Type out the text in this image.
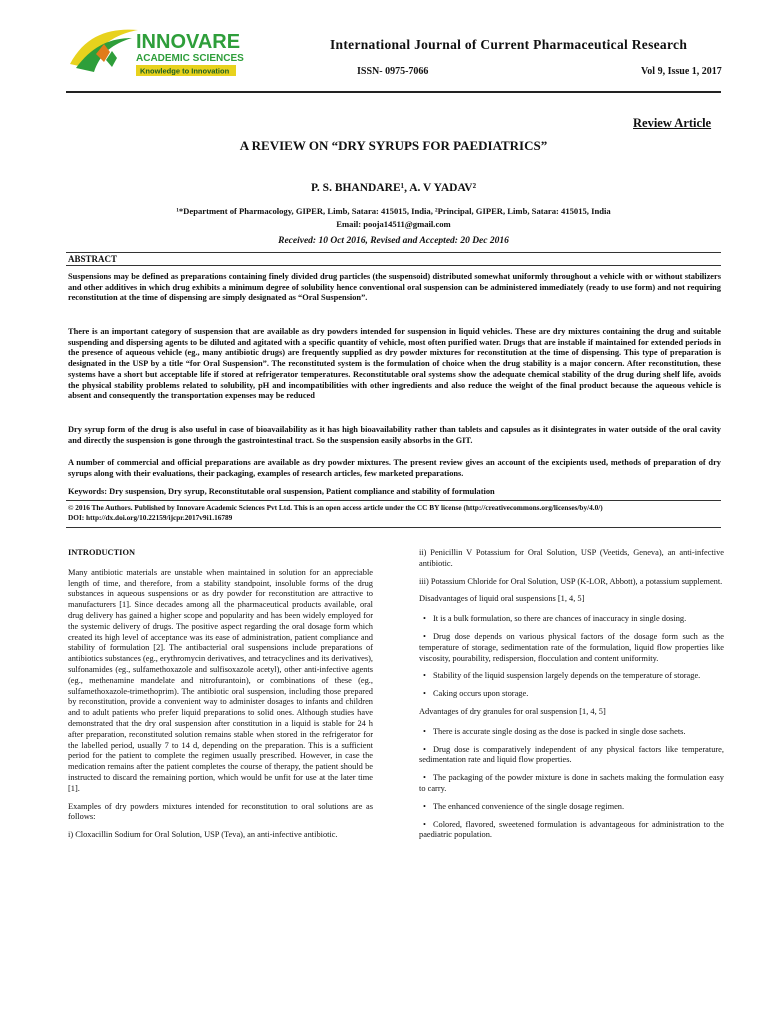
INNOVARE
ACADEMIC SCIENCES
Knowledge to Innovation
International Journal of Current Pharmaceutical Research
ISSN- 0975-7066	Vol 9, Issue 1, 2017
Review Article
A REVIEW ON “DRY SYRUPS FOR PAEDIATRICS”
P. S. BHANDARE¹, A. V YADAV²
¹*Department of Pharmacology, GIPER, Limb, Satara: 415015, India, ²Principal, GIPER, Limb, Satara: 415015, India
Email: pooja14511@gmail.com
Received: 10 Oct 2016, Revised and Accepted: 20 Dec 2016
ABSTRACT

Suspensions may be defined as preparations containing finely divided drug particles (the suspensoid) distributed somewhat uniformly throughout a vehicle with or without stabilizers and other additives in which drug exhibits a minimum degree of solubility hence conventional oral suspension can be administered immediately (ready to use form) and not requiring reconstitution at the time of dispensing are simply designated as “Oral Suspension”.

There is an important category of suspension that are available as dry powders intended for suspension in liquid vehicles. These are dry mixtures containing the drug and suitable suspending and dispersing agents to be diluted and agitated with a specific quantity of vehicle, most often purified water. Drugs that are instable if maintained for extended periods in the presence of aqueous vehicle (eg., many antibiotic drugs) are frequently supplied as dry powder mixtures for reconstitution at the time of dispensing. This type of preparation is designated in the USP by a title “for Oral Suspension”. The reconstituted system is the formulation of choice when the drug stability is a major concern. After reconstitution, these systems have a short but acceptable life if stored at refrigerator temperatures. Reconstitutable oral systems show the adequate chemical stability of the drug during shelf life, avoids the physical stability problems related to solubility, pH and incompatibilities with other ingredients and also reduce the weight of the final product because the aqueous vehicle is absent and consequently the transportation expenses may be reduced

Dry syrup form of the drug is also useful in case of bioavailability as it has high bioavailability rather than tablets and capsules as it disintegrates in water outside of the oral cavity and directly the suspension is gone through the gastrointestinal tract. So the suspension easily absorbs in the GIT.

A number of commercial and official preparations are available as dry powder mixtures. The present review gives an account of the excipients used, methods of preparation of dry syrups along with their evaluations, their packaging, examples of research articles, few marketed preparations.

Keywords: Dry suspension, Dry syrup, Reconstitutable oral suspension, Patient compliance and stability of formulation

© 2016 The Authors. Published by Innovare Academic Sciences Pvt Ltd. This is an open access article under the CC BY license (http://creativecommons.org/licenses/by/4.0/)
DOI: http://dx.doi.org/10.22159/ijcpr.2017v9i1.16789

INTRODUCTION

Many antibiotic materials are unstable when maintained in solution for an appreciable length of time, and therefore, from a stability standpoint, insoluble forms of the drug substances in aqueous suspensions or as dry powder for reconstitution are attractive to manufacturers [1]. Since decades among all the pharmaceutical products available, oral drug delivery has gained a higher scope and popularity and has been widely employed for the systemic delivery of drugs. The positive aspect regarding the oral dosage form which created its high level of acceptance was its ease of administration, patient compliance and stability of formulation [2]. The antibacterial oral suspensions include preparations of antibiotics substances (eg., erythromycin derivatives, and tetracyclines and its derivatives), sulfonamides (eg., sulfamethoxazole and sulfisoxazole acetyl), other anti-infective agents (eg., methenamine mandelate and nitrofurantoin), or combinations of these (eg., sulfamethoxazole-trimethoprim). The antibiotic oral suspension, including those prepared by reconstitution, provide a convenient way to administer dosages to infants and children and to adult patients who prefer liquid preparations to solid ones. Although studies have demonstrated that the dry oral suspension after constitution in a liquid is stable for 24 h after preparation, reconstituted solution remains stable when stored in the refrigerator for the labelled period, usually 7 to 14 d, depending on the preparation. This is a sufficient period for the patient to complete the regimen usually prescribed. However, in case the medication remains after the patient completes the course of therapy, the patient should be instructed to discard the remaining portion, which would be unfit for use at the later time [1].

Examples of dry powders mixtures intended for reconstitution to oral solutions are as follows:

i) Cloxacillin Sodium for Oral Solution, USP (Teva), an anti-infective antibiotic.

ii) Penicillin V Potassium for Oral Solution, USP (Veetids, Geneva), an anti-infective antibiotic.

iii) Potassium Chloride for Oral Solution, USP (K-LOR, Abbott), a potassium supplement.

Disadvantages of liquid oral suspensions [1, 4, 5]

• It is a bulk formulation, so there are chances of inaccuracy in single dosing.

• Drug dose depends on various physical factors of the dosage form such as the temperature of storage, sedimentation rate of the formulation, liquid flow properties like viscosity, pourability, redispersion, flocculation and content uniformity.

• Stability of the liquid suspension largely depends on the temperature of storage.

• Caking occurs upon storage.

Advantages of dry granules for oral suspension [1, 4, 5]

• There is accurate single dosing as the dose is packed in single dose sachets.

• Drug dose is comparatively independent of any physical factors like temperature, sedimentation rate and liquid flow properties.

• The packaging of the powder mixture is done in sachets making the formulation easy to carry.

• The enhanced convenience of the single dosage regimen.

• Colored, flavored, sweetened formulation is advantageous for administration to the paediatric population.
